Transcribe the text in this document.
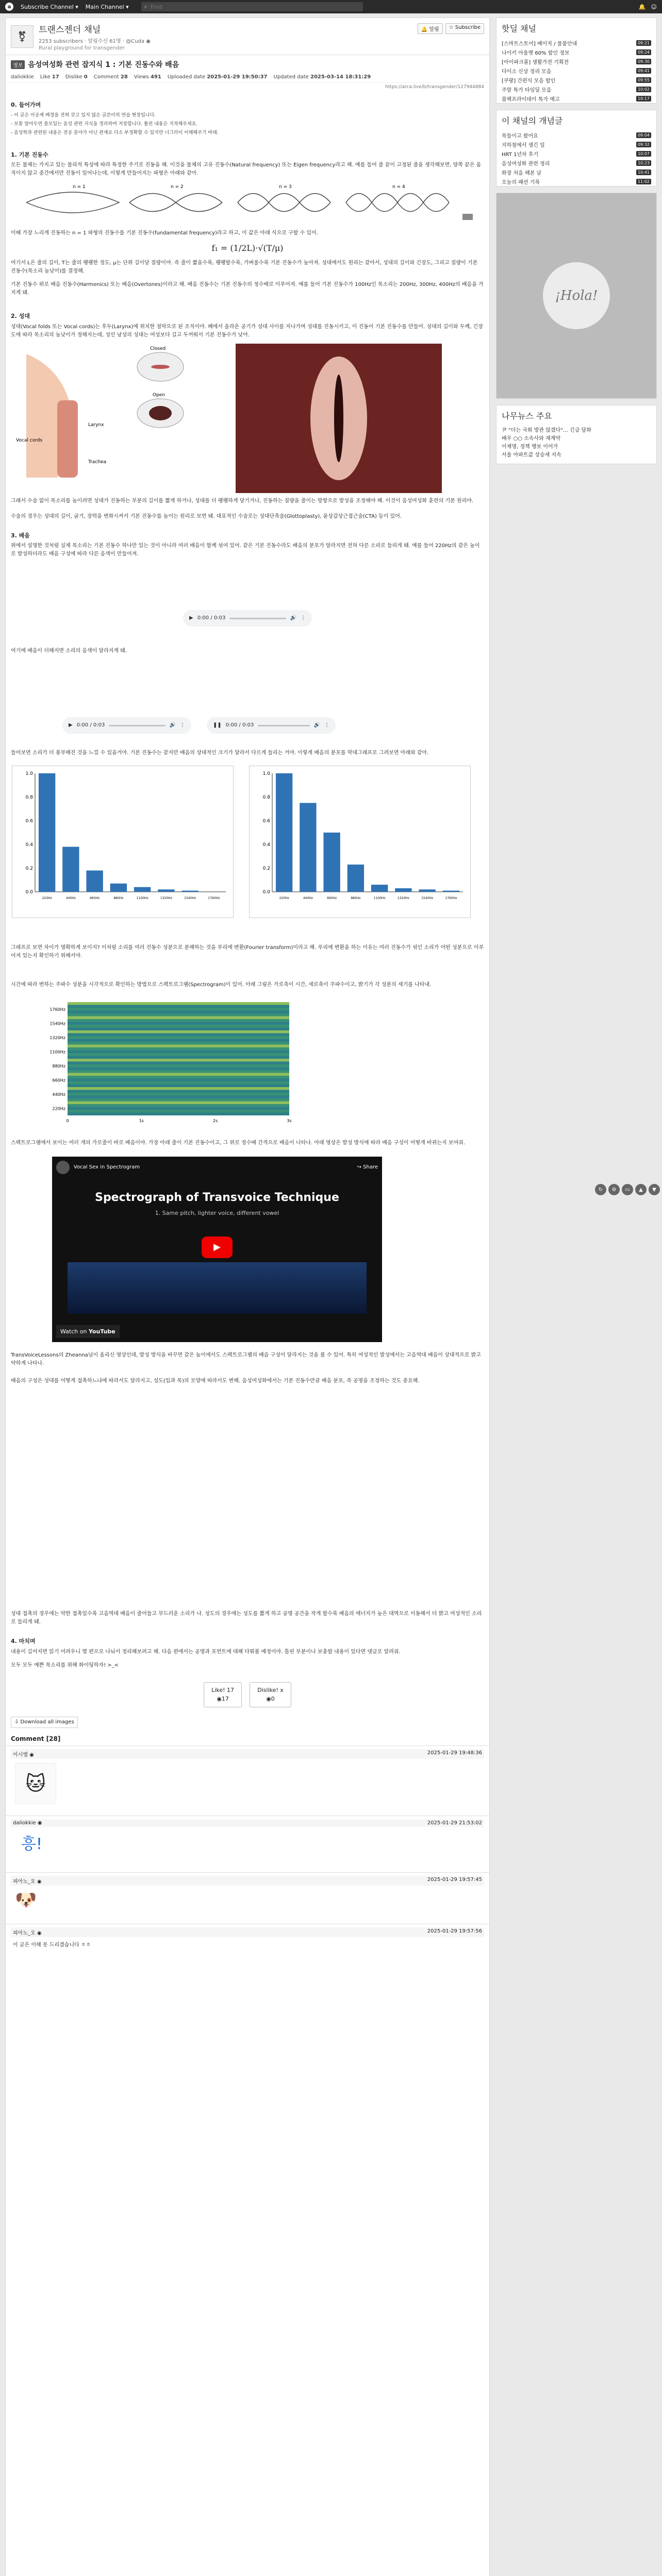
a	Subscribe Channel ▾ Main Channel ▾	⌕
Find	🔔 ☺
⚧
트랜스젠더 채널
2253 subscribers · 알림수신 61명 · @Cuda ◉
Rural playground for transgender
🔔 알림	☆ Subscribe
정보 음성여성화 관련 잡지식 1 : 기본 진동수와 배음
daliokkie Like 17 Dislike 0 Comment 28 Views 491 Uploaded date 2025-01-29 19:50:37 Updated date 2025-03-14 18:31:29
https://arca.live/b/transgender/127944884
0. 들어가며
- 이 글은 이공계 배경을 전혀 갖고 있지 않은 글쓴이의 연습 현장입니다.
- 보통 알아두면 쓸모있는 음성 관련 지식을 정리하여 저장합니다. 틀린 내용은 지적해주세요.
- 음성학과 관련된 내용은 전공 분야가 아닌 관계로 다소 부정확할 수 있지만 너그러이 이해해주기 바래.
1. 기본 진동수
모든 물체는 가지고 있는 물리적 특성에 따라 특정한 주기로 진동을 해. 이것을 물체의 고유 진동수(Natural frequency) 또는 Eigen frequency라고 해. 예를 들어 줄 끝이 고정된 줄을 생각해보면, 양쪽 끝은 움직이지 않고 중간에서만 진동이 일어나는데, 이렇게 만들어지는 파형은 아래와 같아.
n = 1	n = 2	n = 3	n = 4
이때 가장 느리게 진동하는 n = 1 파형의 진동수를 기본 진동수(fundamental frequency)라고 하고, 이 값은 아래 식으로 구할 수 있어.
f₁ = (1/2L)·√(T/μ)
여기서 L은 줄의 길이, T는 줄의 팽팽한 정도, μ는 단위 길이당 질량이야. 즉 줄이 짧을수록, 팽팽할수록, 가벼울수록 기본 진동수가 높아져. 성대에서도 원리는 같아서, 성대의 길이와 긴장도, 그리고 질량이 기본 진동수(목소리 높낮이)를 결정해.
기본 진동수 위로 배음 진동수(Harmonics) 또는 배음(Overtones)이라고 해. 배음 진동수는 기본 진동수의 정수배로 이루어져. 예를 들어 기본 진동수가 100Hz인 목소리는 200Hz, 300Hz, 400Hz의 배음을 가지게 돼.
2. 성대
성대(Vocal folds 또는 Vocal cords)는 후두(Larynx)에 위치한 점막으로 된 조직이야. 폐에서 올라온 공기가 성대 사이를 지나가며 성대를 진동시키고, 이 진동이 기본 진동수를 만들어. 성대의 길이와 두께, 긴장도에 따라 목소리의 높낮이가 정해지는데, 성인 남성의 성대는 여성보다 길고 두꺼워서 기본 진동수가 낮아.
Closed
Open
Larynx
Vocal cords
Trachea
그래서 수술 없이 목소리를 높이려면 성대가 진동하는 부분의 길이를 짧게 하거나, 성대를 더 팽팽하게 당기거나, 진동하는 질량을 줄이는 방향으로 발성을 조정해야 해. 이것이 음성여성화 훈련의 기본 원리야.
수술의 경우는 성대의 길이, 굵기, 장력을 변화시켜서 기본 진동수를 높이는 원리로 보면 돼. 대표적인 수술로는 성대단축술(Glottoplasty), 윤상갑상근접근술(CTA) 등이 있어.
3. 배음
위에서 설명한 것처럼 실제 목소리는 기본 진동수 하나만 있는 것이 아니라 여러 배음이 함께 섞여 있어. 같은 기본 진동수라도 배음의 분포가 달라지면 전혀 다른 소리로 들리게 돼. 예를 들어 220Hz의 같은 높이로 발성하더라도 배음 구성에 따라 다른 음색이 만들어져.
▶ 0:00 / 0:03	🔊 ⋮
여기에 배음이 더해지면 소리의 음색이 달라지게 돼.
▶ 0:00 / 0:03	🔊 ⋮	❚❚ 0:00 / 0:03	🔊 ⋮
들어보면 소리가 더 풍부해진 것을 느낄 수 있을거야. 기본 진동수는 같지만 배음의 상대적인 크기가 달라서 다르게 들리는 거야. 이렇게 배음의 분포를 막대그래프로 그려보면 아래와 같아.
0.0
0.2
0.4
0.6
0.8
1.0
220Hz	440Hz	660Hz	880Hz	1100Hz	1320Hz	1540Hz	1760Hz
0.0
0.2
0.4
0.6
0.8
1.0
220Hz	440Hz	660Hz	880Hz	1100Hz	1320Hz	1540Hz	1760Hz
그래프로 보면 차이가 명확하게 보이지? 이처럼 소리를 여러 진동수 성분으로 분해하는 것을 푸리에 변환(Fourier transform)이라고 해. 푸리에 변환을 하는 이유는 여러 진동수가 섞인 소리가 어떤 성분으로 이루어져 있는지 확인하기 위해서야.
시간에 따라 변하는 주파수 성분을 시각적으로 확인하는 방법으로 스펙트로그램(Spectrogram)이 있어. 아래 그림은 가로축이 시간, 세로축이 주파수이고, 밝기가 각 성분의 세기를 나타내.
1760Hz
1540Hz
1320Hz
1100Hz
880Hz
660Hz
440Hz
220Hz
0	1s	2s	3s
스펙트로그램에서 보이는 여러 개의 가로줄이 바로 배음이야. 가장 아래 줄이 기본 진동수이고, 그 위로 정수배 간격으로 배음이 나타나. 아래 영상은 발성 방식에 따라 배음 구성이 어떻게 바뀌는지 보여줘.
Vocal Sex in Spectrogram	↪ Share
Spectrograph of Transvoice Technique
1. Same pitch, lighter voice, different vowel
▶
Watch on YouTube
TransVoiceLessons의 Zheanna님이 올리신 영상인데, 발성 방식을 바꾸면 같은 높이에서도 스펙트로그램의 배음 구성이 달라지는 것을 볼 수 있어. 특히 여성적인 발성에서는 고음역대 배음이 상대적으로 밝고 약하게 나타나.
배음의 구성은 성대를 어떻게 접촉하느냐에 따라서도 달라지고, 성도(입과 목)의 모양에 따라서도 변해. 음성여성화에서는 기본 진동수만큼 배음 분포, 즉 공명을 조정하는 것도 중요해.
성대 접촉의 경우에는 약한 접촉일수록 고음역대 배음이 줄어들고 부드러운 소리가 나. 성도의 경우에는 성도를 짧게 하고 공명 공간을 작게 할수록 배음의 에너지가 높은 대역으로 이동해서 더 밝고 여성적인 소리로 들리게 돼.
4. 마치며
내용이 길어지면 읽기 어려우니 몇 편으로 나눠서 정리해보려고 해. 다음 편에서는 공명과 포먼트에 대해 다뤄볼 예정이야. 틀린 부분이나 보충할 내용이 있다면 댓글로 알려줘.
모두 모두 예쁜 목소리를 위해 화이팅하자! >_<
Like! 17
◉17 Dislike! x
◉0
⇩ Download all images
Comment [28]
이시엘 ◉	2025-01-29 19:48:36
🐱
daliokkie ◉	2025-01-29 21:53:02
흥!
피아노_오 ◉	2025-01-29 19:57:45
🐶
피아노_오 ◉	2025-01-29 19:57:56
이 글은 이해 못 드리겠습니다 ㅎㅎ
핫딜 채널
[스마트스토어] 베이직 / 물품안내	09:21
나이키 아울렛 60% 할인 정보	09:24
[아이파크몰] 생활가전 기획전	09:30
다이소 신상 정리 모음	09:41
[쿠팡] 간편식 모음 할인	09:55
주말 특가 타임딜 모음	10:02
블랙프라이데이 특가 예고	10:17
이 채널의 개념글
목들이고 왔어요	09:04
지하철에서 생긴 일	09:32
HRT 1년차 후기	10:07
음성여성화 관련 정리	10:23
화장 처음 해본 날	10:41
오늘의 패션 기록	11:02
¡Hola!
나무뉴스 주요
尹 "더는 국회 방관 않겠다"… 긴급 담화
배우 ○○ 소속사와 재계약
이재명, 정책 행보 이어가
서울 아파트값 상승세 지속
↻	⚙	▭	▲	▼
